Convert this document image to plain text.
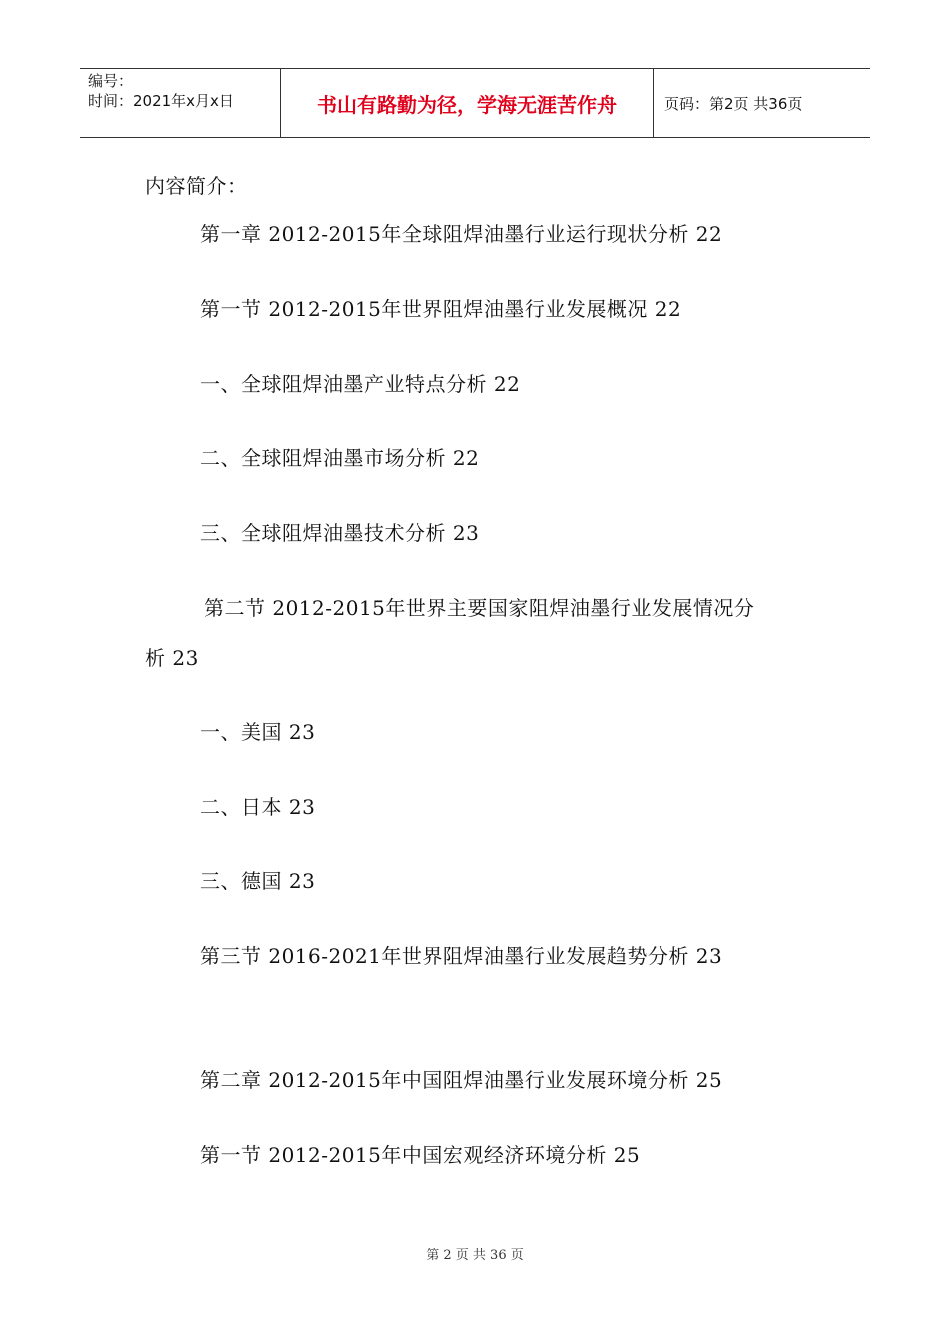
编号：
时间：2021年x月x日	书山有路勤为径，学海无涯苦作舟	页码：第2页 共36页
内容简介：
第一章 2012-2015年全球阻焊油墨行业运行现状分析 22
第一节 2012-2015年世界阻焊油墨行业发展概况 22
一、全球阻焊油墨产业特点分析 22
二、全球阻焊油墨市场分析 22
三、全球阻焊油墨技术分析 23
第二节 2012-2015年世界主要国家阻焊油墨行业发展情况分
析 23
一、美国 23
二、日本 23
三、德国 23
第三节 2016-2021年世界阻焊油墨行业发展趋势分析 23
第二章 2012-2015年中国阻焊油墨行业发展环境分析 25
第一节 2012-2015年中国宏观经济环境分析 25
第 2 页 共 36 页
